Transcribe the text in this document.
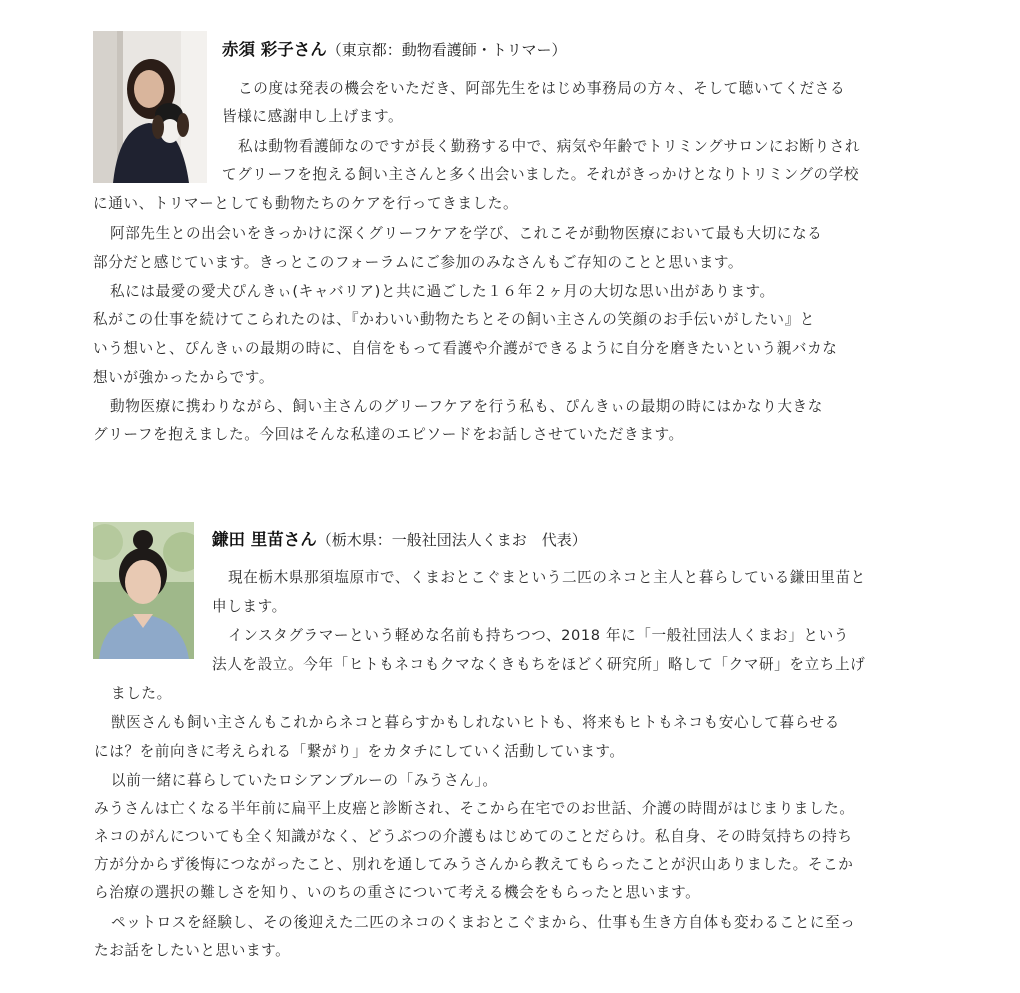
赤須 彩子さん（東京都：動物看護師・トリマー）
この度は発表の機会をいただき、阿部先生をはじめ事務局の方々、そして聴いてくださる
皆様に感謝申し上げます。
私は動物看護師なのですが長く勤務する中で、病気や年齢でトリミングサロンにお断りされ
てグリーフを抱える飼い主さんと多く出会いました。それがきっかけとなりトリミングの学校
に通い、トリマーとしても動物たちのケアを行ってきました。
阿部先生との出会いをきっかけに深くグリーフケアを学び、これこそが動物医療において最も大切になる
部分だと感じています。きっとこのフォーラムにご参加のみなさんもご存知のことと思います。
私には最愛の愛犬ぴんきぃ(キャバリア)と共に過ごした１６年２ヶ月の大切な思い出があります。
私がこの仕事を続けてこられたのは、『かわいい動物たちとその飼い主さんの笑顔のお手伝いがしたい』と
いう想いと、ぴんきぃの最期の時に、自信をもって看護や介護ができるように自分を磨きたいという親バカな
想いが強かったからです。
動物医療に携わりながら、飼い主さんのグリーフケアを行う私も、ぴんきぃの最期の時にはかなり大きな
グリーフを抱えました。今回はそんな私達のエピソードをお話しさせていただきます。
鎌田 里苗さん（栃木県：一般社団法人くまお　代表）
現在栃木県那須塩原市で、くまおとこぐまという二匹のネコと主人と暮らしている鎌田里苗と
申します。
インスタグラマーという軽めな名前も持ちつつ、2018 年に「一般社団法人くまお」という
法人を設立。今年「ヒトもネコもクマなくきもちをほどく研究所」略して「クマ研」を立ち上げ
ました。
獣医さんも飼い主さんもこれからネコと暮らすかもしれないヒトも、将来もヒトもネコも安心して暮らせる
には？を前向きに考えられる「繋がり」をカタチにしていく活動しています。
以前一緒に暮らしていたロシアンブルーの「みうさん」。
みうさんは亡くなる半年前に扁平上皮癌と診断され、そこから在宅でのお世話、介護の時間がはじまりました。
ネコのがんについても全く知識がなく、どうぶつの介護もはじめてのことだらけ。私自身、その時気持ちの持ち
方が分からず後悔につながったこと、別れを通してみうさんから教えてもらったことが沢山ありました。そこか
ら治療の選択の難しさを知り、いのちの重さについて考える機会をもらったと思います。
ペットロスを経験し、その後迎えた二匹のネコのくまおとこぐまから、仕事も生き方自体も変わることに至っ
たお話をしたいと思います。
